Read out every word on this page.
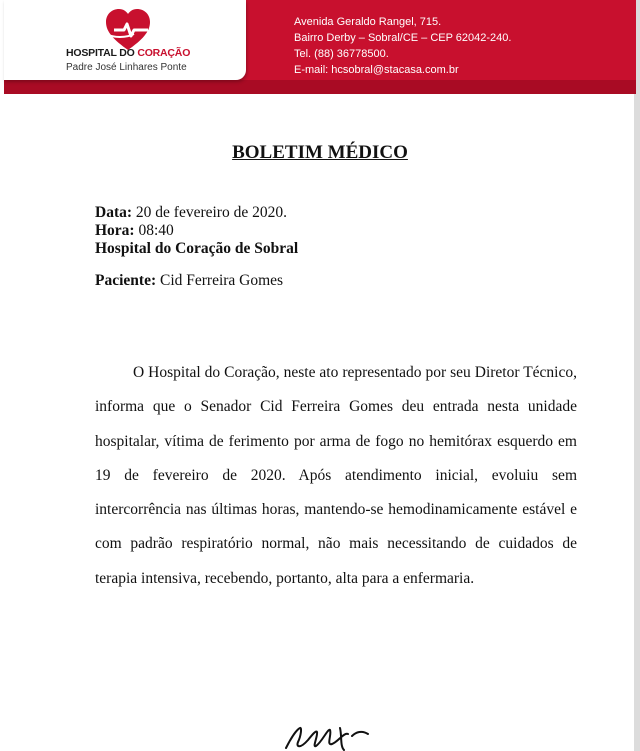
HOSPITAL DO CORAÇÃO
Padre José Linhares Ponte
Avenida Geraldo Rangel, 715.
Bairro Derby – Sobral/CE – CEP 62042-240.
Tel. (88) 36778500.
E-mail: hcsobral@stacasa.com.br
BOLETIM MÉDICO
Data: 20 de fevereiro de 2020.
Hora: 08:40
Hospital do Coração de Sobral
Paciente: Cid Ferreira Gomes
O Hospital do Coração, neste ato representado por seu Diretor Técnico, informa que o Senador Cid Ferreira Gomes deu entrada nesta unidade hospitalar, vítima de ferimento por arma de fogo no hemitórax esquerdo em 19 de fevereiro de 2020. Após atendimento inicial, evoluiu sem intercorrência nas últimas horas, mantendo-se hemodinamicamente estável e com padrão respiratório normal, não mais necessitando de cuidados de terapia intensiva, recebendo, portanto, alta para a enfermaria.
